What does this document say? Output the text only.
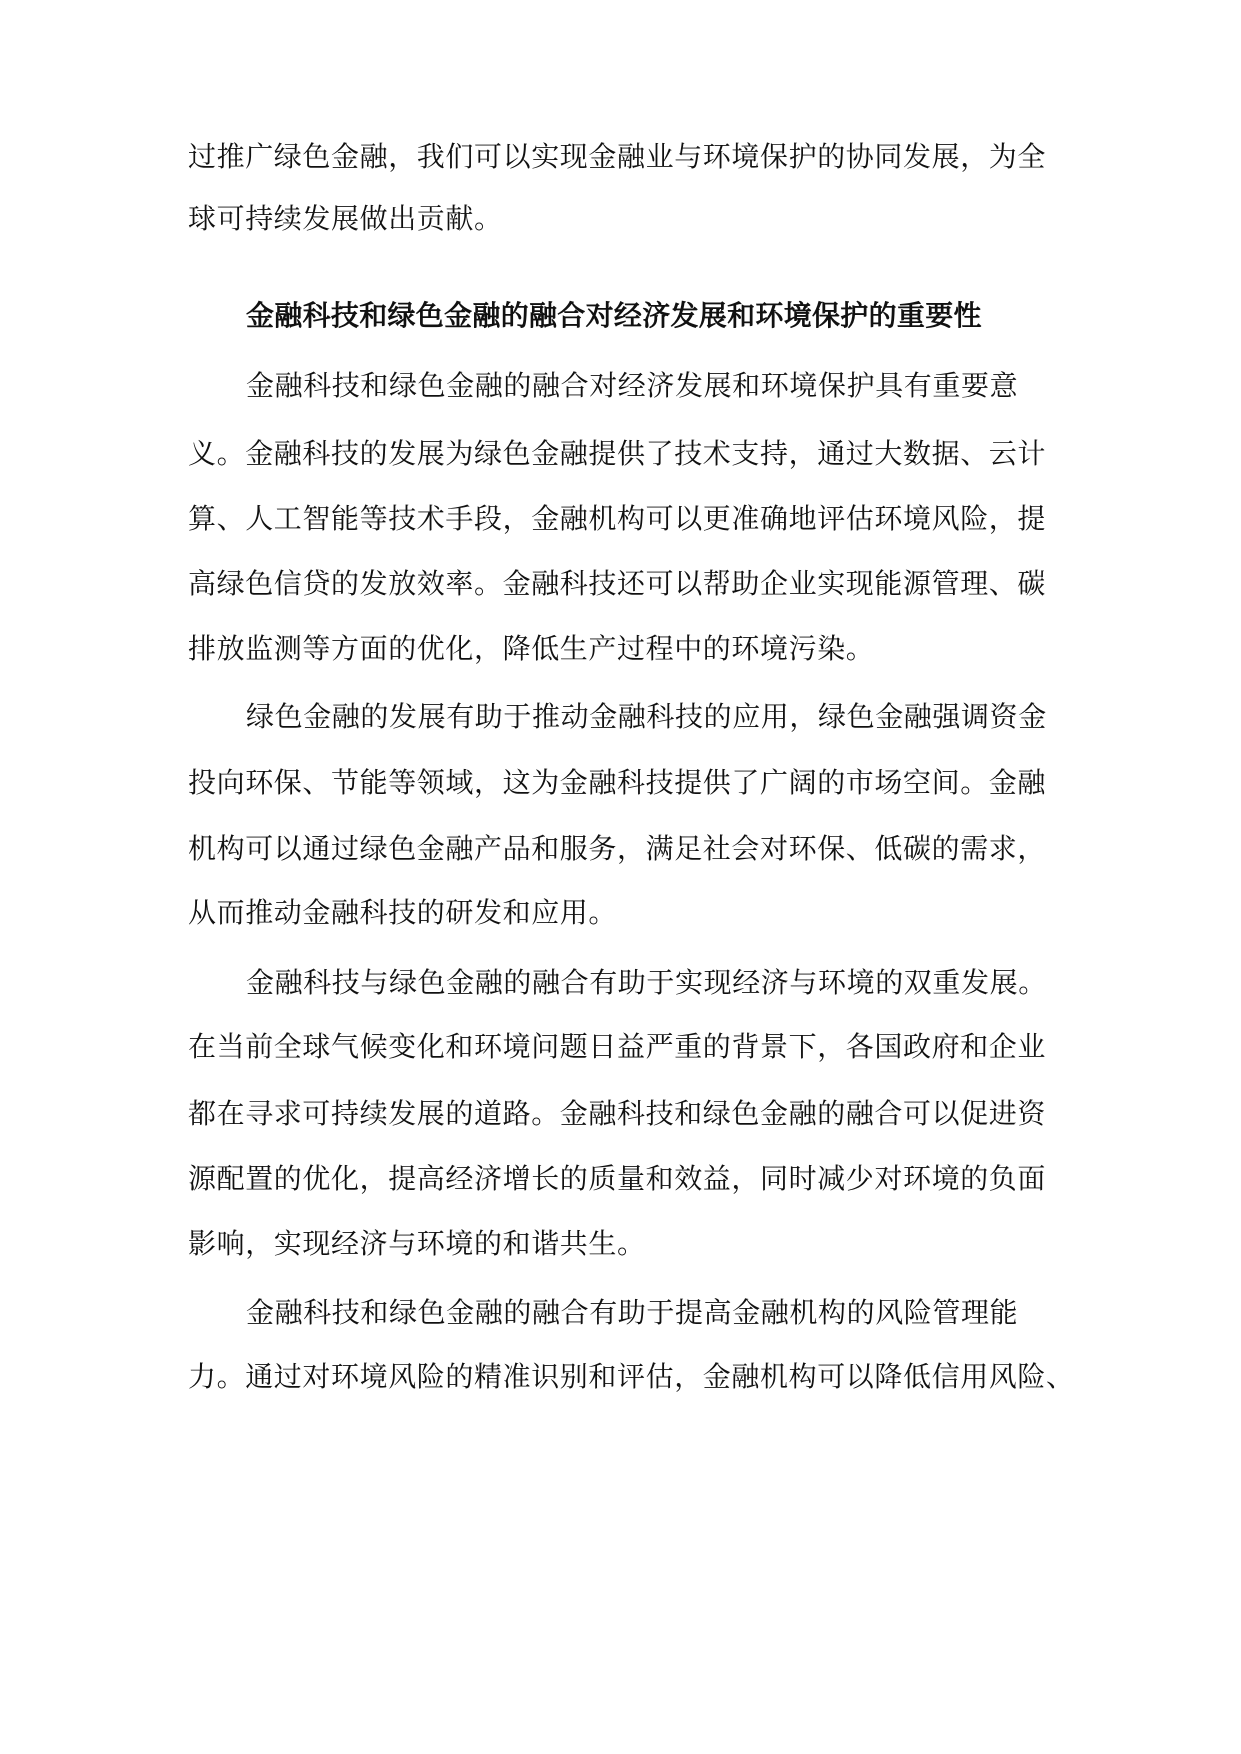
过推广绿色金融，我们可以实现金融业与环境保护的协同发展，为全

球可持续发展做出贡献。

金融科技和绿色金融的融合对经济发展和环境保护的重要性

金融科技和绿色金融的融合对经济发展和环境保护具有重要意

义。金融科技的发展为绿色金融提供了技术支持，通过大数据、云计

算、人工智能等技术手段，金融机构可以更准确地评估环境风险，提

高绿色信贷的发放效率。金融科技还可以帮助企业实现能源管理、碳

排放监测等方面的优化，降低生产过程中的环境污染。

绿色金融的发展有助于推动金融科技的应用，绿色金融强调资金

投向环保、节能等领域，这为金融科技提供了广阔的市场空间。金融

机构可以通过绿色金融产品和服务，满足社会对环保、低碳的需求，

从而推动金融科技的研发和应用。

金融科技与绿色金融的融合有助于实现经济与环境的双重发展。

在当前全球气候变化和环境问题日益严重的背景下，各国政府和企业

都在寻求可持续发展的道路。金融科技和绿色金融的融合可以促进资

源配置的优化，提高经济增长的质量和效益，同时减少对环境的负面

影响，实现经济与环境的和谐共生。

金融科技和绿色金融的融合有助于提高金融机构的风险管理能

力。通过对环境风险的精准识别和评估，金融机构可以降低信用风险、
